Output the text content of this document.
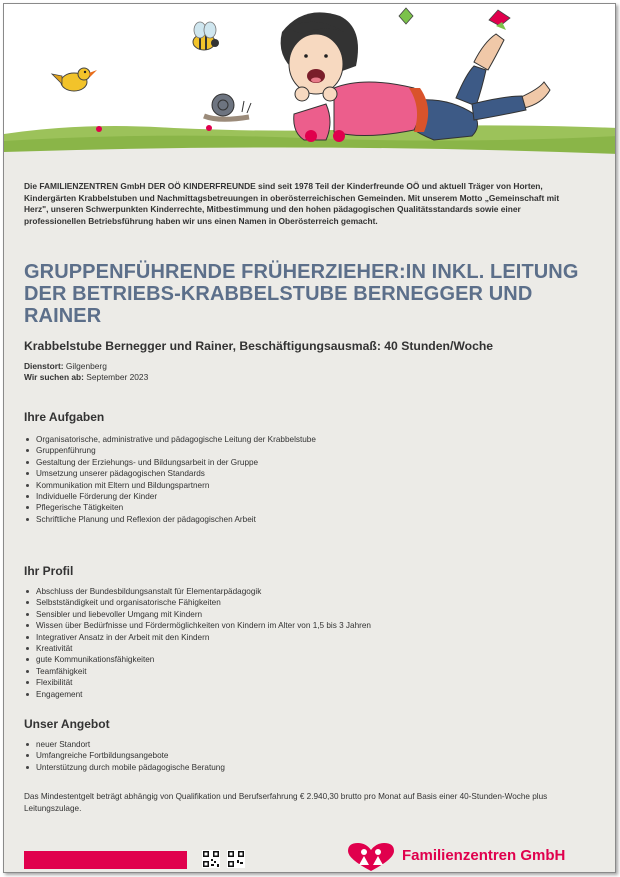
Die FAMILIENZENTREN GmbH DER OÖ KINDERFREUNDE sind seit 1978 Teil der Kinderfreunde OÖ und aktuell Träger von Horten, Kindergärten Krabbelstuben und Nachmittagsbetreuungen in oberösterreichischen Gemeinden. Mit unserem Motto „Gemeinschaft mit Herz", unseren Schwerpunkten Kinderrechte, Mitbestimmung und den hohen pädagogischen Qualitätsstandards sowie einer professionellen Betriebsführung haben wir uns einen Namen in Oberösterreich gemacht.

GRUPPENFÜHRENDE FRÜHERZIEHER:IN INKL. LEITUNG DER BETRIEBS-KRABBELSTUBE BERNEGGER UND RAINER
Krabbelstube Bernegger und Rainer, Beschäftigungsausmaß: 40 Stunden/Woche
Dienstort: Gilgenberg
Wir suchen ab: September 2023
Ihre Aufgaben
Organisatorische, administrative und pädagogische Leitung der Krabbelstube
Gruppenführung
Gestaltung der Erziehungs- und Bildungsarbeit in der Gruppe
Umsetzung unserer pädagogischen Standards
Kommunikation mit Eltern und Bildungspartnern
Individuelle Förderung der Kinder
Pflegerische Tätigkeiten
Schriftliche Planung und Reflexion der pädagogischen Arbeit
Ihr Profil
Abschluss der Bundesbildungsanstalt für Elementarpädagogik
Selbstständigkeit und organisatorische Fähigkeiten
Sensibler und liebevoller Umgang mit Kindern
Wissen über Bedürfnisse und Fördermöglichkeiten von Kindern im Alter von 1,5 bis 3 Jahren
Integrativer Ansatz in der Arbeit mit den Kindern
Kreativität
gute Kommunikationsfähigkeiten
Teamfähigkeit
Flexibilität
Engagement
Unser Angebot
neuer Standort
Umfangreiche Fortbildungsangebote
Unterstützung durch mobile pädagogische Beratung

Das Mindestentgelt beträgt abhängig von Qualifikation und Berufserfahrung € 2.940,30 brutto pro Monat auf Basis einer 40-Stunden-Woche plus Leitungszulage.

Familienzentren GmbH
